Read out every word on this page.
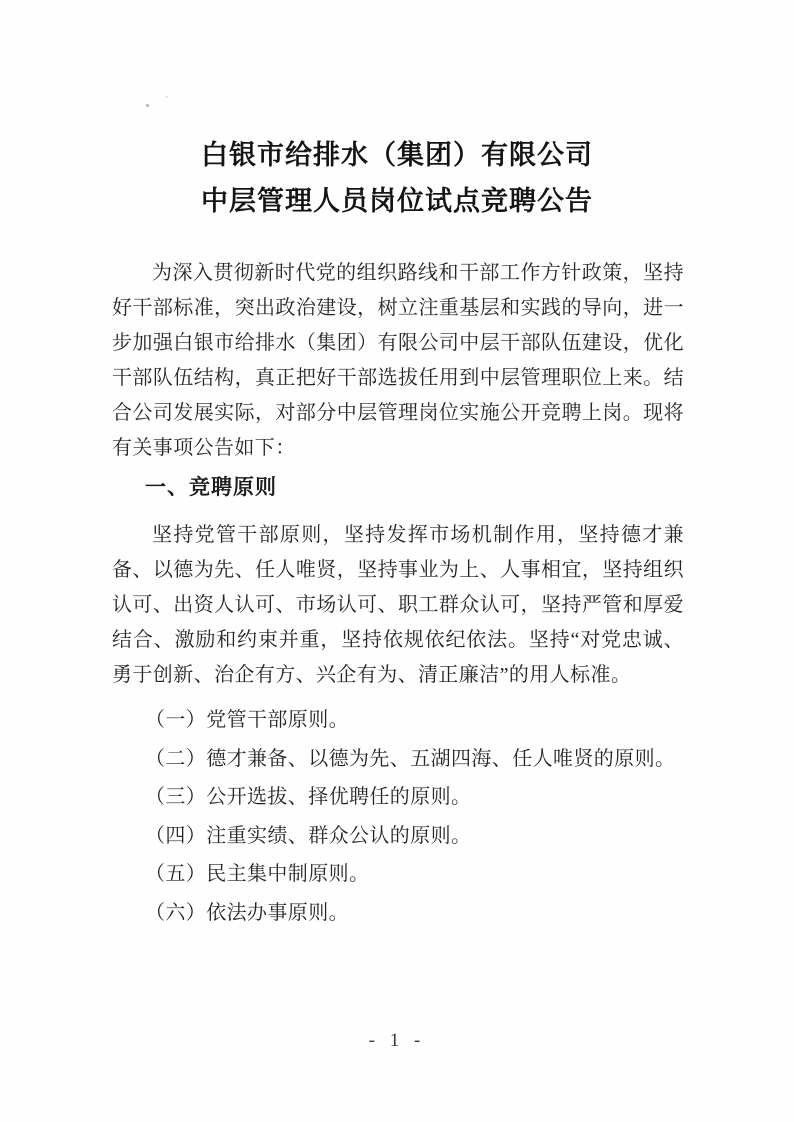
白银市给排水（集团）有限公司
中层管理人员岗位试点竞聘公告

为深入贯彻新时代党的组织路线和干部工作方针政策，坚持好干部标准，突出政治建设，树立注重基层和实践的导向，进一步加强白银市给排水（集团）有限公司中层干部队伍建设，优化干部队伍结构，真正把好干部选拔任用到中层管理职位上来。结合公司发展实际，对部分中层管理岗位实施公开竞聘上岗。现将有关事项公告如下：

一、竞聘原则

坚持党管干部原则，坚持发挥市场机制作用，坚持德才兼备、以德为先、任人唯贤，坚持事业为上、人事相宜，坚持组织认可、出资人认可、市场认可、职工群众认可，坚持严管和厚爱结合、激励和约束并重，坚持依规依纪依法。坚持“对党忠诚、勇于创新、治企有方、兴企有为、清正廉洁”的用人标准。

（一）党管干部原则。
（二）德才兼备、以德为先、五湖四海、任人唯贤的原则。
（三）公开选拔、择优聘任的原则。
（四）注重实绩、群众公认的原则。
（五）民主集中制原则。
（六）依法办事原则。
- 1 -
